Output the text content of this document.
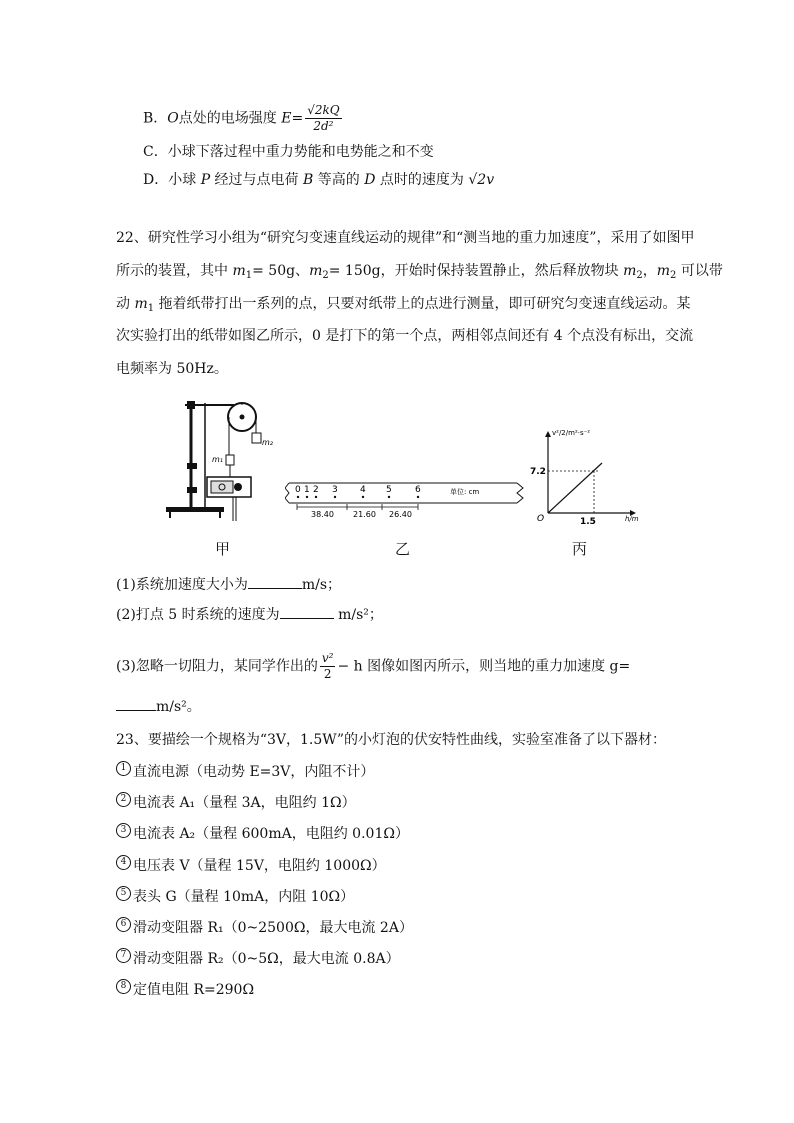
B．O点处的电场强度 $E= \frac{√2kQ}{\text{2d²}}$
C．小球下落过程中重力势能和电势能之和不变
D．小球 P 经过与点电荷 B 等高的 D 点时的速度为 √2v
22、研究性学习小组为“研究匀变速直线运动的规律”和“测当地的重力加速度”，采用了如图甲
所示的装置，其中 $m_1= 50g$、$m_2= 150g$，开始时保持装置静止，然后释放物块 $m_2$，$m_2$ 可以带
动 $m_1$ 拖着纸带打出一系列的点，只要对纸带上的点进行测量，即可研究匀变速直线运动。某
次实验打出的纸带如图乙所示，0 是打下的第一个点，两相邻点间还有 4 个点没有标出，交流
电频率为 50Hz。
m₂
m₁
0 1 2 3 4 5	6	单位: cm
38.40 21.60 26.40
v²/2/m²·s⁻²
h/m
O
7.2
1.5
甲	乙	丙
(1)系统加速度大小为	m/s；
(2)打点 5 时系统的速度为	m/s²；
(3)忽略一切阻力，某同学作出的 $\frac{\text{v²}}{2} - h$ 图像如图丙所示，则当地的重力加速度 g=
m/s²。
23、要描绘一个规格为“3V，1.5W”的小灯泡的伏安特性曲线，实验室准备了以下器材：
1 直流电源（电动势 E=3V，内阻不计）
2 电流表 A₁（量程 3A，电阻约 1Ω）
3 电流表 A₂（量程 600mA，电阻约 0.01Ω）
4 电压表 V（量程 15V，电阻约 1000Ω）
5 表头 G（量程 10mA，内阻 10Ω）
6 滑动变阻器 R₁（0~2500Ω，最大电流 2A）
7 滑动变阻器 R₂（0~5Ω，最大电流 0.8A）
8 定值电阻 R=290Ω
